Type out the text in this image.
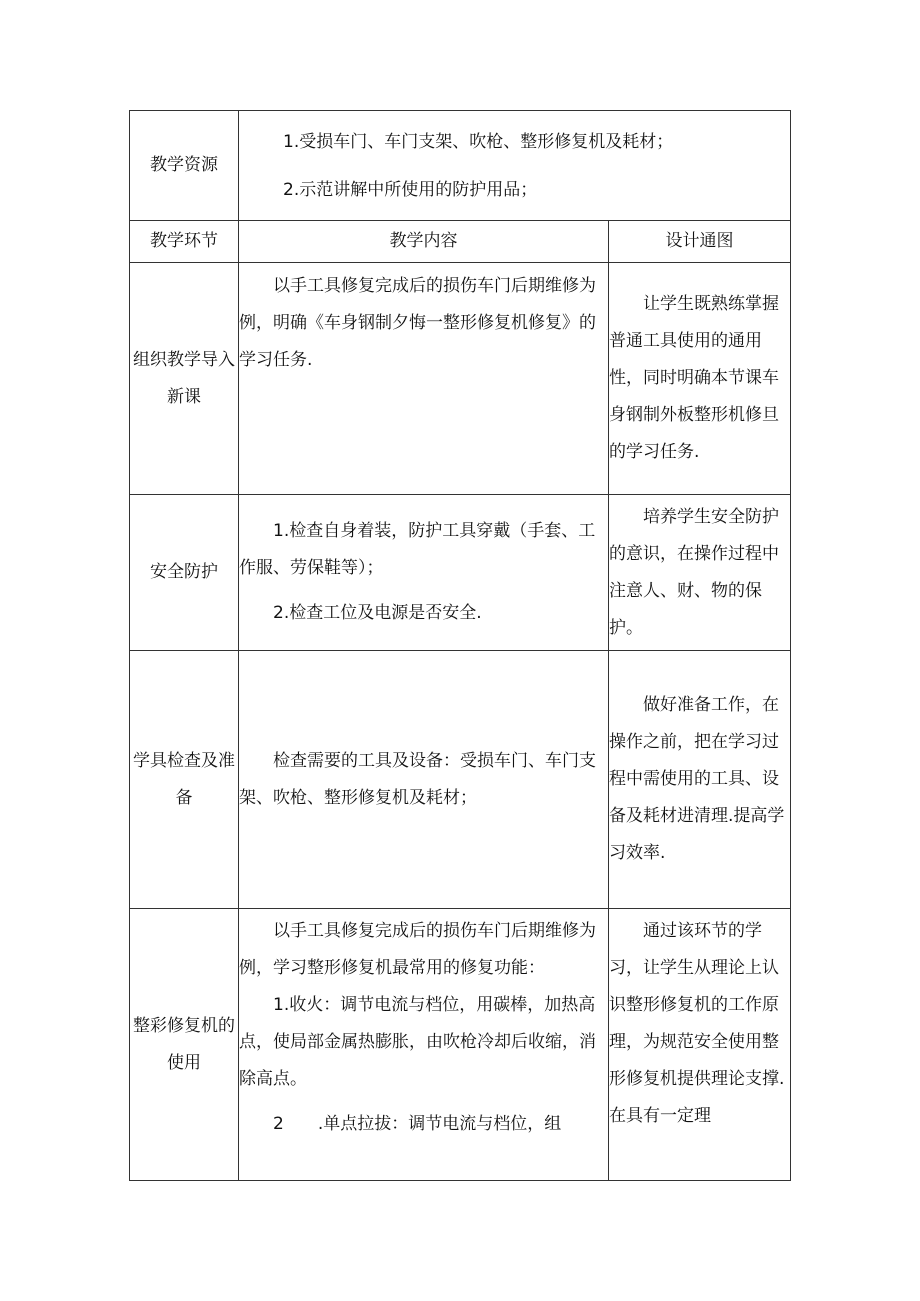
教学资源	1.受损车门、车门支架、吹枪、整形修复机及耗材；

2.示范讲解中所使用的防护用品；	

教学环节	教学内容	设计通图
组织教学导入新课	以手工具修复完成后的损伤车门后期维修为例，明确《车身钢制夕悔一整形修复机修复》的学习任务.	让学生既熟练掌握普通工具使用的通用性，同时明确本节课车身钢制外板整形机修旦的学习任务.

安全防护	1.检查自身着装，防护工具穿戴（手套、工作服、劳保鞋等）；

2.检查工位及电源是否安全.	培养学生安全防护的意识，在操作过程中注意人、财、物的保护。

学具检查及准备	检查需要的工具及设备：受损车门、车门支架、吹枪、整形修复机及耗材；	做好准备工作，在操作之前，把在学习过程中需使用的工具、设备及耗材进清理.提高学习效率.

整彩修复机的使用	以手工具修复完成后的损伤车门后期维修为例，学习整形修复机最常用的修复功能：

1.收火：调节电流与档位，用碳棒，加热高点，使局部金属热膨胀，由吹枪冷却后收缩，消除高点。

2　　.单点拉拔：调节电流与档位，组	通过该环节的学习，让学生从理论上认识整形修复机的工作原理，为规范安全使用整形修复机提供理论支撑.在具有一定理
